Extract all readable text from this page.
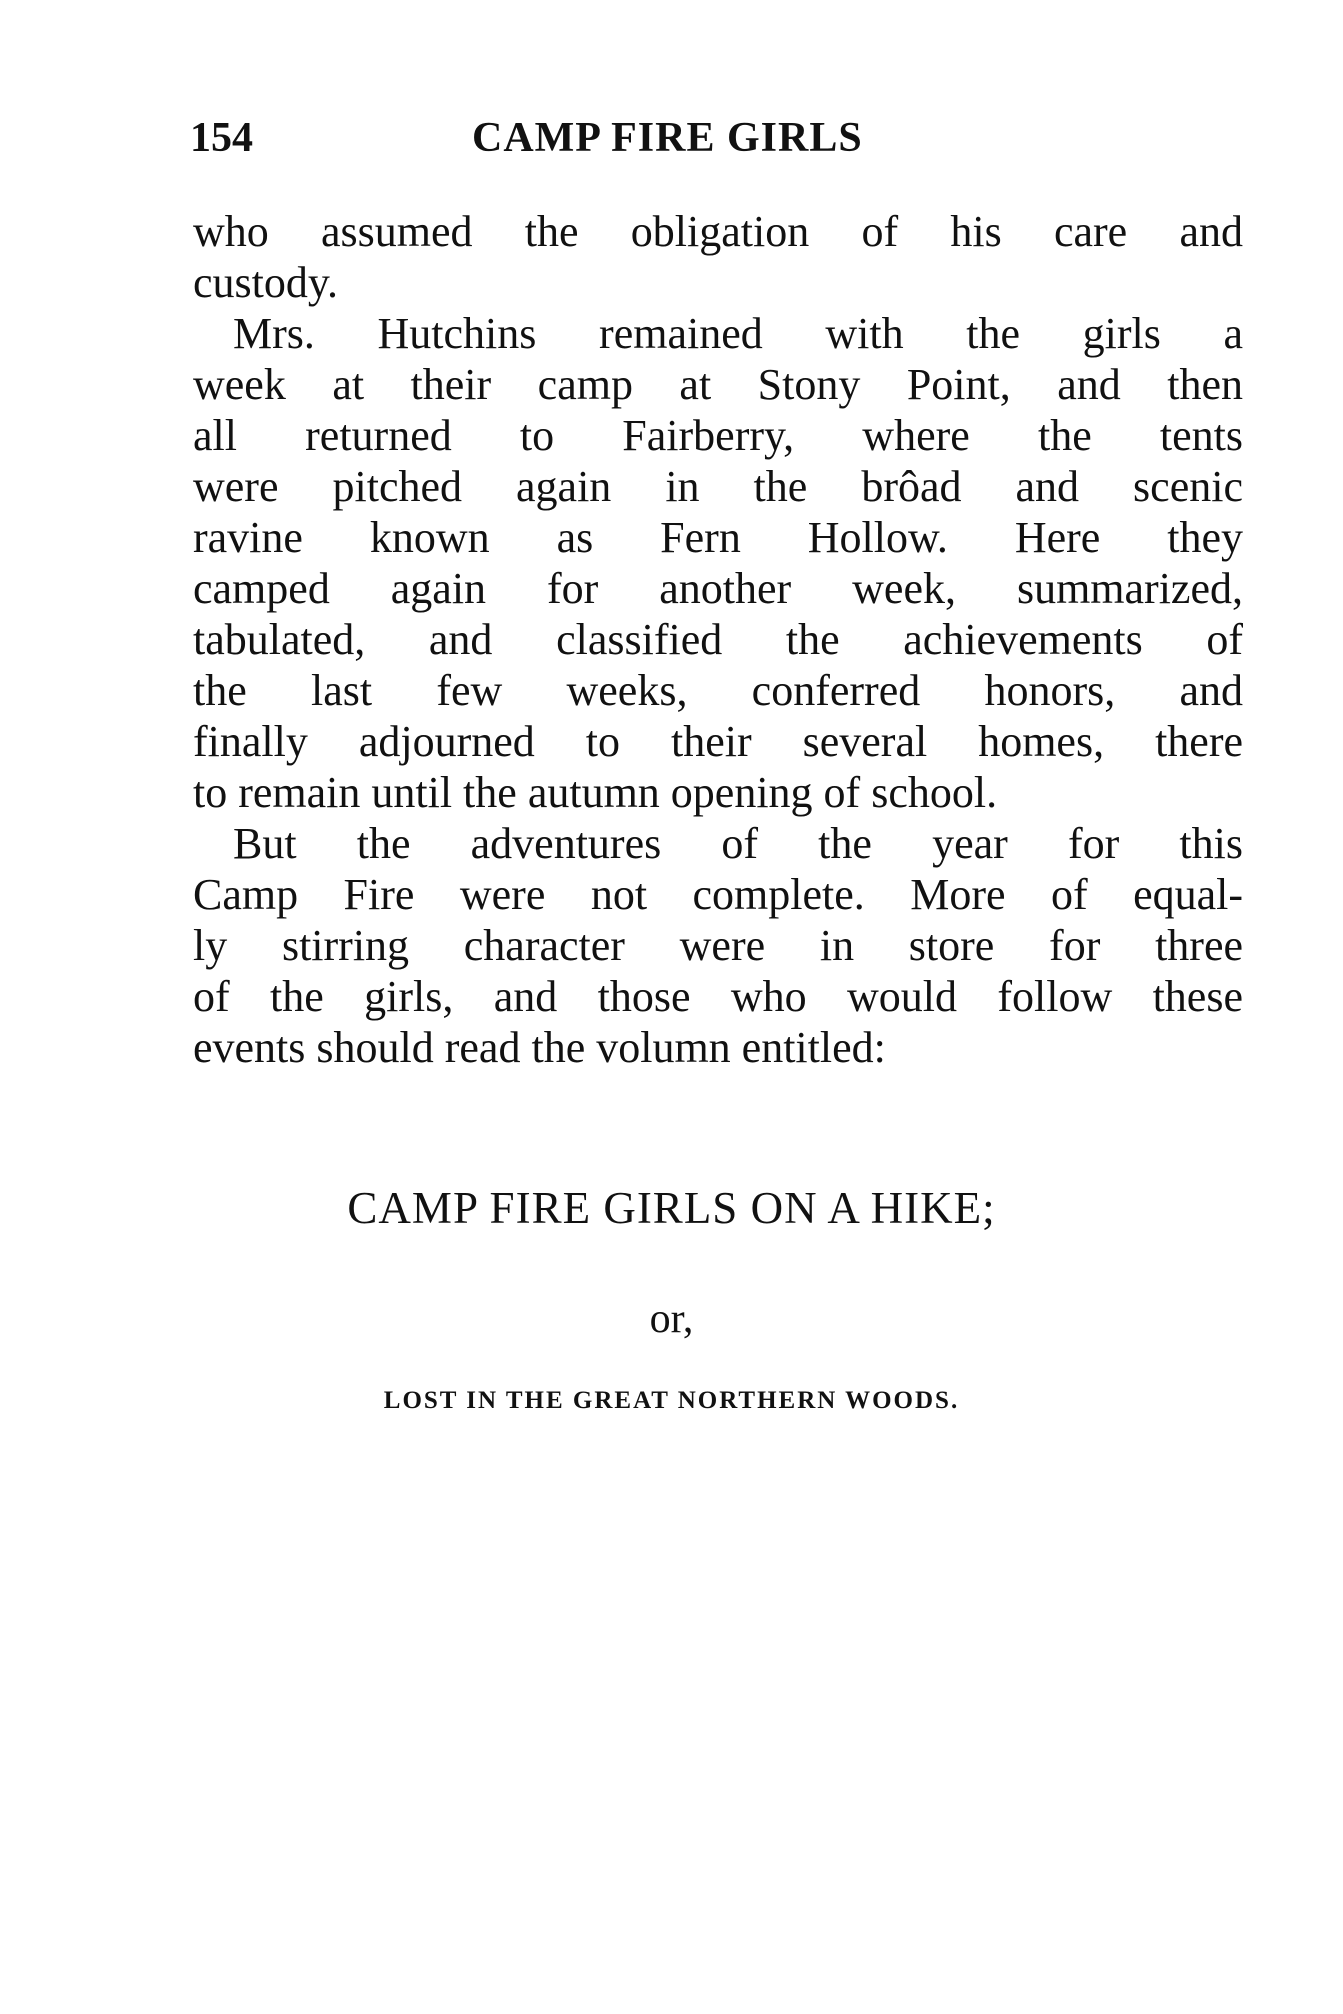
154	CAMP FIRE GIRLS
who assumed the obligation of his care and
custody.
Mrs. Hutchins remained with the girls a
week at their camp at Stony Point, and then
all returned to Fairberry, where the tents
were pitched again in the brôad and scenic
ravine known as Fern Hollow. Here they
camped again for another week, summarized,
tabulated, and classified the achievements of
the last few weeks, conferred honors, and
finally adjourned to their several homes, there
to remain until the autumn opening of school.
But the adventures of the year for this
Camp Fire were not complete. More of equal-
ly stirring character were in store for three
of the girls, and those who would follow these
events should read the volumn entitled:
CAMP FIRE GIRLS ON A HIKE;
or,
LOST IN THE GREAT NORTHERN WOODS.
